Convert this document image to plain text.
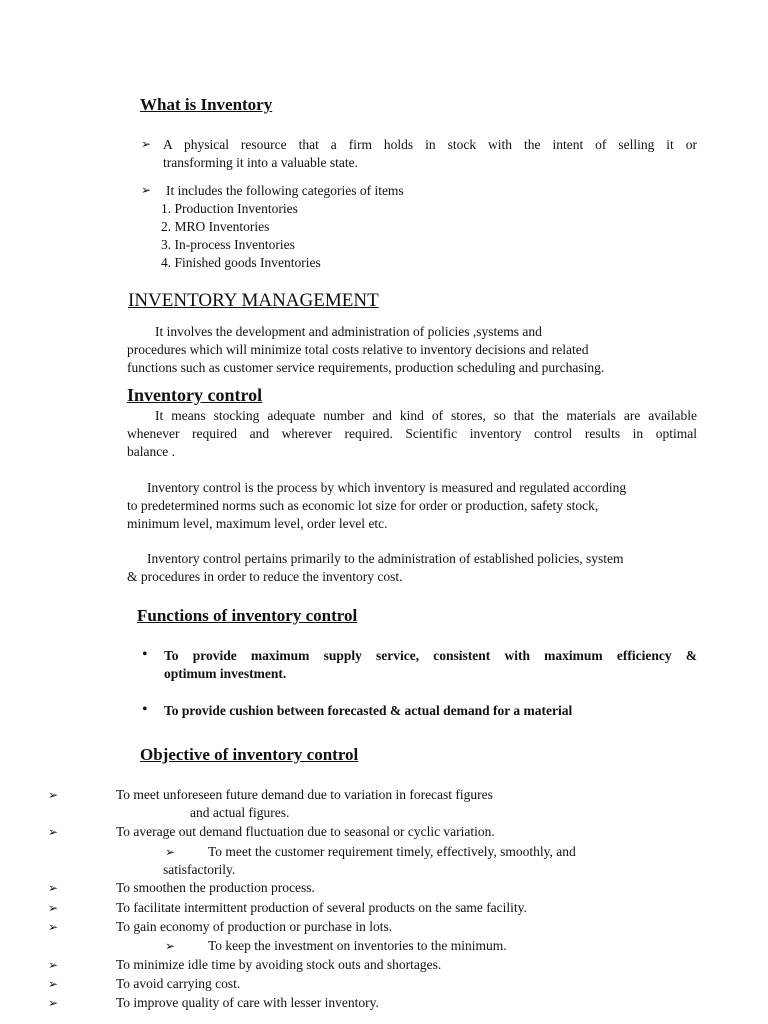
What is Inventory
➢ A physical resource that a firm holds in stock with the intent of selling it or
transforming it into a valuable state.
➢ It includes the following categories of items
1. Production Inventories
2. MRO Inventories
3. In-process Inventories
4. Finished goods Inventories
INVENTORY MANAGEMENT
It involves the development and administration of policies ,systems and
procedures which will minimize total costs relative to inventory decisions and related
functions such as customer service requirements, production scheduling and purchasing.
Inventory control
It means stocking adequate number and kind of stores, so that the materials are available
whenever required and wherever required. Scientific inventory control results in optimal
balance .
Inventory control is the process by which inventory is measured and regulated according
to predetermined norms such as economic lot size for order or production, safety stock,
minimum level, maximum level, order level etc.
Inventory control pertains primarily to the administration of established policies, system
& procedures in order to reduce the inventory cost.
Functions of inventory control
• To provide maximum supply service, consistent with maximum efficiency &
optimum investment.
• To provide cushion between forecasted & actual demand for a material
Objective of inventory control
➢	To meet unforeseen future demand due to variation in forecast figures
and actual figures.
➢	To average out demand fluctuation due to seasonal or cyclic variation.
➢ To meet the customer requirement timely, effectively, smoothly, and
satisfactorily.
➢	To smoothen the production process.
➢	To facilitate intermittent production of several products on the same facility.
➢	To gain economy of production or purchase in lots.
➢ To keep the investment on inventories to the minimum.
➢	To minimize idle time by avoiding stock outs and shortages.
➢	To avoid carrying cost.
➢	To improve quality of care with lesser inventory.
